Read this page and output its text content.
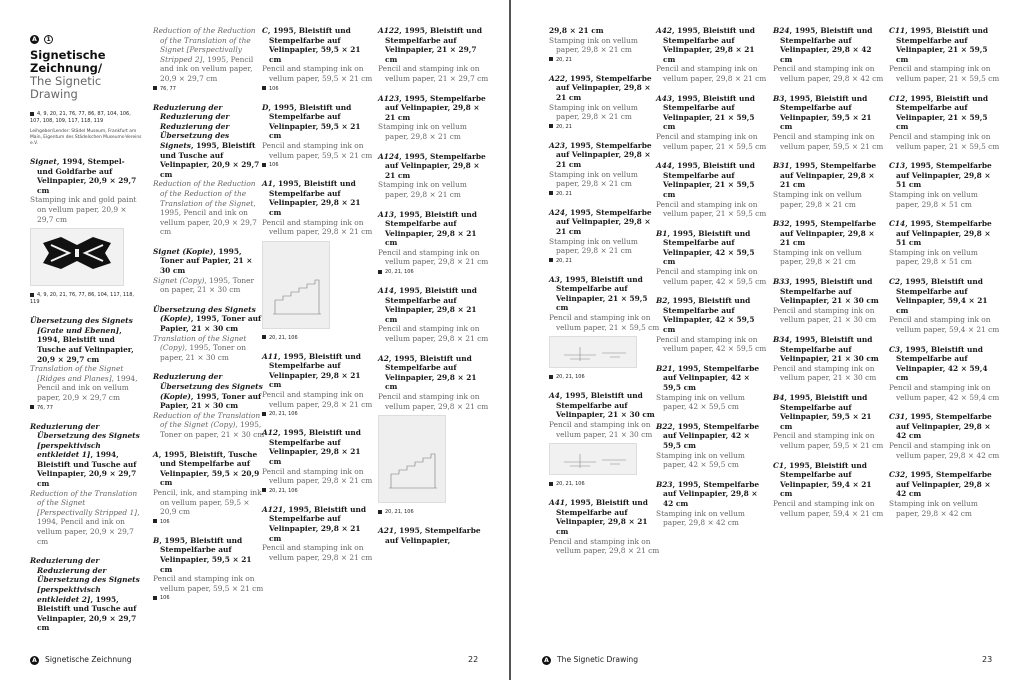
A 1
Signetische Zeichnung/
The Signetic Drawing
4, 9, 20, 21, 76, 77, 86, 87, 104, 106, 107, 108, 109, 117, 118, 119
Leihgeber/Lender: Städel Museum, Frankfurt am Main, Eigentum des Städelschen Museums-Vereins e.V.
Signet, 1994, Stempel- und Goldfarbe auf Velinpapier, 20,9 × 29,7 cm
Stamping ink and gold paint on vellum paper, 20,9 × 29,7 cm
4, 9, 20, 21, 76, 77, 86, 104, 117, 118, 119
Übersetzung des Signets [Grate und Ebenen], 1994, Bleistift und Tusche auf Velinpapier, 20,9 × 29,7 cm
Translation of the Signet [Ridges and Planes], 1994, Pencil and ink on vellum paper, 20,9 × 29,7 cm
76, 77
Reduzierung der Übersetzung des Signets [perspektivisch entkleidet 1], 1994, Bleistift und Tusche auf Velinpapier, 20,9 × 29,7 cm
Reduction of the Translation of the Signet [Perspectivally Stripped 1], 1994, Pencil and ink on vellum paper, 20,9 × 29,7 cm
Reduzierung der Reduzierung der Übersetzung des Signets [perspektivisch entkleidet 2], 1995, Bleistift und Tusche auf Velinpapier, 20,9 × 29,7 cm
Reduction of the Reduction of the Translation of the Signet [Perspectivally Stripped 2], 1995, Pencil and ink on vellum paper, 20,9 × 29,7 cm
76, 77
Reduzierung der Reduzierung der Reduzierung der Übersetzung des Signets, 1995, Bleistift und Tusche auf Velinpapier, 20,9 × 29,7 cm
Reduction of the Reduction of the Reduction of the Translation of the Signet, 1995, Pencil and ink on vellum paper, 20,9 × 29,7 cm
Signet (Kopie), 1995, Toner auf Papier, 21 × 30 cm
Signet (Copy), 1995, Toner on paper, 21 × 30 cm
Übersetzung des Signets (Kopie), 1995, Toner auf Papier, 21 × 30 cm
Translation of the Signet (Copy), 1995, Toner on paper, 21 × 30 cm
Reduzierung der Übersetzung des Signets (Kopie), 1995, Toner auf Papier, 21 × 30 cm
Reduction of the Translation of the Signet (Copy), 1995, Toner on paper, 21 × 30 cm
A, 1995, Bleistift, Tusche und Stempelfarbe auf Velinpapier, 59,5 × 20,9 cm
Pencil, ink, and stamping ink on vellum paper, 59,5 × 20,9 cm
106
B, 1995, Bleistift und Stempelfarbe auf Velinpapier, 59,5 × 21 cm
Pencil and stamping ink on vellum paper, 59,5 × 21 cm
106
C, 1995, Bleistift und Stempelfarbe auf Velinpapier, 59,5 × 21 cm
Pencil and stamping ink on vellum paper, 59,5 × 21 cm
106
D, 1995, Bleistift und Stempelfarbe auf Velinpapier, 59,5 × 21 cm
Pencil and stamping ink on vellum paper, 59,5 × 21 cm
106
A1, 1995, Bleistift und Stempelfarbe auf Velinpapier, 29,8 × 21 cm
Pencil and stamping ink on vellum paper, 29,8 × 21 cm
20, 21, 106
A11, 1995, Bleistift und Stempelfarbe auf Velinpapier, 29,8 × 21 cm
Pencil and stamping ink on vellum paper, 29,8 × 21 cm
20, 21, 106
A12, 1995, Bleistift und Stempelfarbe auf Velinpapier, 29,8 × 21 cm
Pencil and stamping ink on vellum paper, 29,8 × 21 cm
20, 21, 106
A121, 1995, Bleistift und Stempelfarbe auf Velinpapier, 29,8 × 21 cm
Pencil and stamping ink on vellum paper, 29,8 × 21 cm
A122, 1995, Bleistift und Stempelfarbe auf Velinpapier, 21 × 29,7 cm
Pencil and stamping ink on vellum paper, 21 × 29,7 cm
A123, 1995, Stempelfarbe auf Velinpapier, 29,8 × 21 cm
Stamping ink on vellum paper, 29,8 × 21 cm
A124, 1995, Stempelfarbe auf Velinpapier, 29,8 × 21 cm
Stamping ink on vellum paper, 29,8 × 21 cm
A13, 1995, Bleistift und Stempelfarbe auf Velinpapier, 29,8 × 21 cm
Pencil and stamping ink on vellum paper, 29,8 × 21 cm
20, 21, 106
A14, 1995, Bleistift und Stempelfarbe auf Velinpapier, 29,8 × 21 cm
Pencil and stamping ink on vellum paper, 29,8 × 21 cm
A2, 1995, Bleistift und Stempelfarbe auf Velinpapier, 29,8 × 21 cm
Pencil and stamping ink on vellum paper, 29,8 × 21 cm
20, 21, 106
A21, 1995, Stempelfarbe auf Velinpapier,
A Signetische Zeichnung	22
29,8 × 21 cm
Stamping ink on vellum paper, 29,8 × 21 cm
20, 21
A22, 1995, Stempelfarbe auf Velinpapier, 29,8 × 21 cm
Stamping ink on vellum paper, 29,8 × 21 cm
20, 21
A23, 1995, Stempelfarbe auf Velinpapier, 29,8 × 21 cm
Stamping ink on vellum paper, 29,8 × 21 cm
20, 21
A24, 1995, Stempelfarbe auf Velinpapier, 29,8 × 21 cm
Stamping ink on vellum paper, 29,8 × 21 cm
20, 21
A3, 1995, Bleistift und Stempelfarbe auf Velinpapier, 21 × 59,5 cm
Pencil and stamping ink on vellum paper, 21 × 59,5 cm
20, 21, 106
A4, 1995, Bleistift und Stempelfarbe auf Velinpapier, 21 × 30 cm
Pencil and stamping ink on vellum paper, 21 × 30 cm
20, 21, 106
A41, 1995, Bleistift und Stempelfarbe auf Velinpapier, 29,8 × 21 cm
Pencil and stamping ink on vellum paper, 29,8 × 21 cm
A42, 1995, Bleistift und Stempelfarbe auf Velinpapier, 29,8 × 21 cm
Pencil and stamping ink on vellum paper, 29,8 × 21 cm
A43, 1995, Bleistift und Stempelfarbe auf Velinpapier, 21 × 59,5 cm
Pencil and stamping ink on vellum paper, 21 × 59,5 cm
A44, 1995, Bleistift und Stempelfarbe auf Velinpapier, 21 × 59,5 cm
Pencil and stamping ink on vellum paper, 21 × 59,5 cm
B1, 1995, Bleistift und Stempelfarbe auf Velinpapier, 42 × 59,5 cm
Pencil and stamping ink on vellum paper, 42 × 59,5 cm
B2, 1995, Bleistift und Stempelfarbe auf Velinpapier, 42 × 59,5 cm
Pencil and stamping ink on vellum paper, 42 × 59,5 cm
B21, 1995, Stempelfarbe auf Velinpapier, 42 × 59,5 cm
Stamping ink on vellum paper, 42 × 59,5 cm
B22, 1995, Stempelfarbe auf Velinpapier, 42 × 59,5 cm
Stamping ink on vellum paper, 42 × 59,5 cm
B23, 1995, Stempelfarbe auf Velinpapier, 29,8 × 42 cm
Stamping ink on vellum paper, 29,8 × 42 cm
B24, 1995, Bleistift und Stempelfarbe auf Velinpapier, 29,8 × 42 cm
Pencil and stamping ink on vellum paper, 29,8 × 42 cm
B3, 1995, Bleistift und Stempelfarbe auf Velinpapier, 59,5 × 21 cm
Pencil and stamping ink on vellum paper, 59,5 × 21 cm
B31, 1995, Stempelfarbe auf Velinpapier, 29,8 × 21 cm
Stamping ink on vellum paper, 29,8 × 21 cm
B32, 1995, Stempelfarbe auf Velinpapier, 29,8 × 21 cm
Stamping ink on vellum paper, 29,8 × 21 cm
B33, 1995, Bleistift und Stempelfarbe auf Velinpapier, 21 × 30 cm
Pencil and stamping ink on vellum paper, 21 × 30 cm
B34, 1995, Bleistift und Stempelfarbe auf Velinpapier, 21 × 30 cm
Pencil and stamping ink on vellum paper, 21 × 30 cm
B4, 1995, Bleistift und Stempelfarbe auf Velinpapier, 59,5 × 21 cm
Pencil and stamping ink on vellum paper, 59,5 × 21 cm
C1, 1995, Bleistift und Stempelfarbe auf Velinpapier, 59,4 × 21 cm
Pencil and stamping ink on vellum paper, 59,4 × 21 cm
C11, 1995, Bleistift und Stempelfarbe auf Velinpapier, 21 × 59,5 cm
Pencil and stamping ink on vellum paper, 21 × 59,5 cm
C12, 1995, Bleistift und Stempelfarbe auf Velinpapier, 21 × 59,5 cm
Pencil and stamping ink on vellum paper, 21 × 59,5 cm
C13, 1995, Stempelfarbe auf Velinpapier, 29,8 × 51 cm
Stamping ink on vellum paper, 29,8 × 51 cm
C14, 1995, Stempelfarbe auf Velinpapier, 29,8 × 51 cm
Stamping ink on vellum paper, 29,8 × 51 cm
C2, 1995, Bleistift und Stempelfarbe auf Velinpapier, 59,4 × 21 cm
Pencil and stamping ink on vellum paper, 59,4 × 21 cm
C3, 1995, Bleistift und Stempelfarbe auf Velinpapier, 42 × 59,4 cm
Pencil and stamping ink on vellum paper, 42 × 59,4 cm
C31, 1995, Stempelfarbe auf Velinpapier, 29,8 × 42 cm
Pencil and stamping ink on vellum paper, 29,8 × 42 cm
C32, 1995, Stempelfarbe auf Velinpapier, 29,8 × 42 cm
Stamping ink on vellum paper, 29,8 × 42 cm
A The Signetic Drawing	23
